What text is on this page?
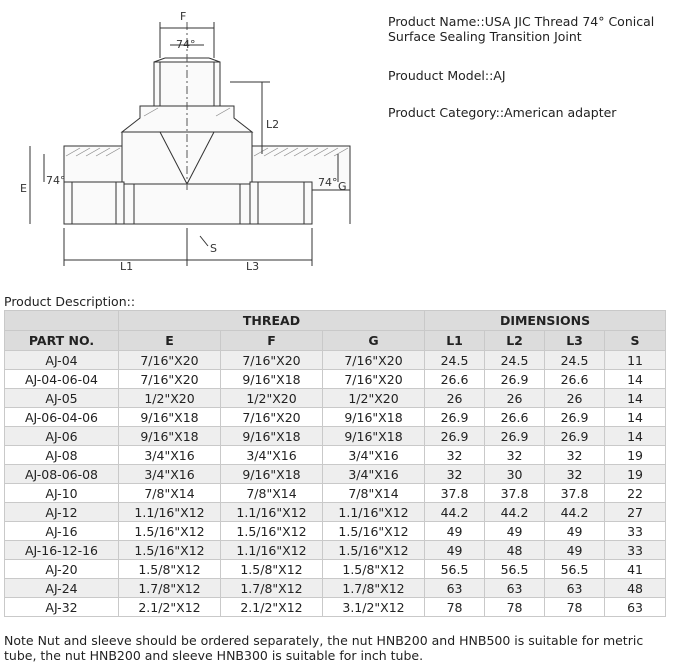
F
74°
L2
E
74°	74° G
S
L1	L3
Product Name::USA JIC Thread 74° Conical
Surface Sealing Transition Joint
Prouduct Model::AJ
Product Category::American adapter
Product Description::
	THREAD			DIMENSIONS			
PART NO.	E	F	G	L1	L2	L3	S
AJ-04	7/16"X20	7/16"X20	7/16"X20	24.5	24.5	24.5	11
AJ-04-06-04	7/16"X20	9/16"X18	7/16"X20	26.6	26.9	26.6	14
AJ-05	1/2"X20	1/2"X20	1/2"X20	26	26	26	14
AJ-06-04-06	9/16"X18	7/16"X20	9/16"X18	26.9	26.6	26.9	14
AJ-06	9/16"X18	9/16"X18	9/16"X18	26.9	26.9	26.9	14
AJ-08	3/4"X16	3/4"X16	3/4"X16	32	32	32	19
AJ-08-06-08	3/4"X16	9/16"X18	3/4"X16	32	30	32	19
AJ-10	7/8"X14	7/8"X14	7/8"X14	37.8	37.8	37.8	22
AJ-12	1.1/16"X12	1.1/16"X12	1.1/16"X12	44.2	44.2	44.2	27
AJ-16	1.5/16"X12	1.5/16"X12	1.5/16"X12	49	49	49	33
AJ-16-12-16	1.5/16"X12	1.1/16"X12	1.5/16"X12	49	48	49	33
AJ-20	1.5/8"X12	1.5/8"X12	1.5/8"X12	56.5	56.5	56.5	41
AJ-24	1.7/8"X12	1.7/8"X12	1.7/8"X12	63	63	63	48
AJ-32	2.1/2"X12	2.1/2"X12	3.1/2"X12	78	78	78	63
Note Nut and sleeve should be ordered separately, the nut HNB200 and HNB500 is suitable for metric tube, the nut HNB200 and sleeve HNB300 is suitable for inch tube.
